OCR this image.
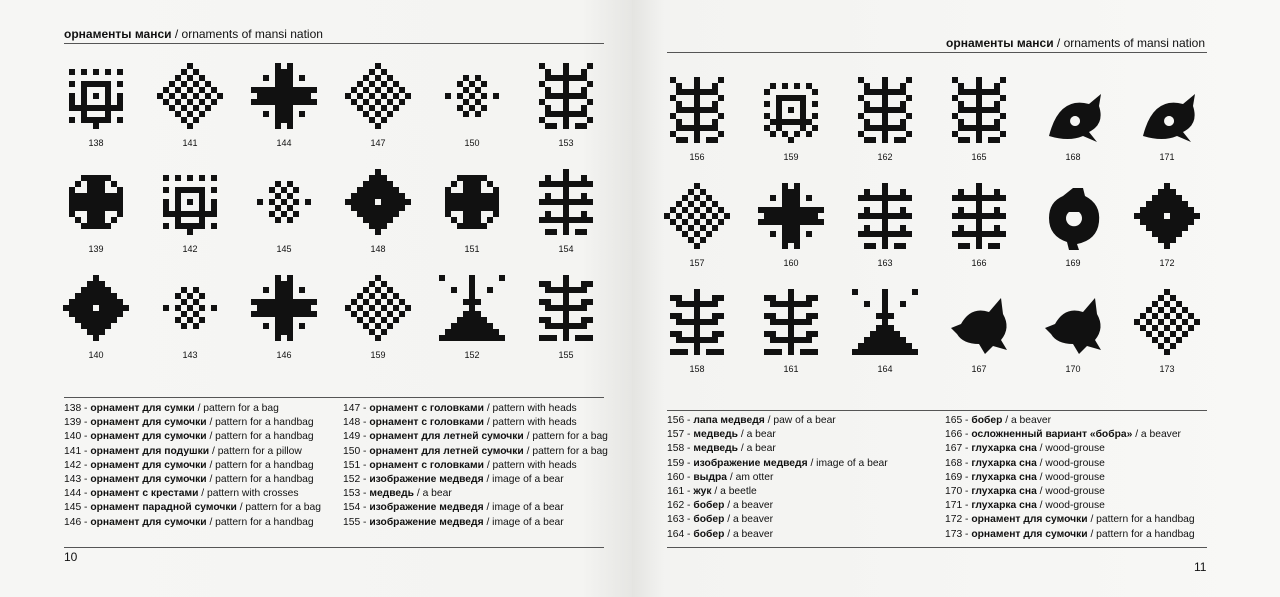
орнаменты манси / ornaments of mansi nation
138	141	144	147	150	153
139	142	145	148	151	154
140	143	146	159	152	155
138 - орнамент для сумки / pattern for a bag
139 - орнамент для сумочки / pattern for a handbag
140 - орнамент для сумочки / pattern for a handbag
141 - орнамент для подушки / pattern for a pillow
142 - орнамент для сумочки / pattern for a handbag
143 - орнамент для сумочки / pattern for a handbag
144 - орнамент с крестами / pattern with crosses
145 - орнамент парадной сумочки / pattern for a bag
146 - орнамент для сумочки / pattern for a handbag
147 - орнамент с головками / pattern with heads
148 - орнамент с головками / pattern with heads
149 - орнамент для летней сумочки / pattern for a bag
150 - орнамент для летней сумочки / pattern for a bag
151 - орнамент с головками / pattern with heads
152 - изображение медведя / image of a bear
153 - медведь / a bear
154 - изображение медведя / image of a bear
155 - изображение медведя / image of a bear
10
орнаменты манси / ornaments of mansi nation
156	159	162	165	168	171
157	160	163	166	169	172
158	161	164	167	170	173
156 - лапа медведя / paw of a bear
157 - медведь / a bear
158 - медведь / a bear
159 - изображение медведя / image of a bear
160 - выдра / am otter
161 - жук / a beetle
162 - бобер / a beaver
163 - бобер / a beaver
164 - бобер / a beaver
165 - бобер / a beaver
166 - осложненный вариант «бобра» / a beaver
167 - глухарка сна / wood-grouse
168 - глухарка сна / wood-grouse
169 - глухарка сна / wood-grouse
170 - глухарка сна / wood-grouse
171 - глухарка сна / wood-grouse
172 - орнамент для сумочки / pattern for a handbag
173 - орнамент для сумочки / pattern for a handbag
11
